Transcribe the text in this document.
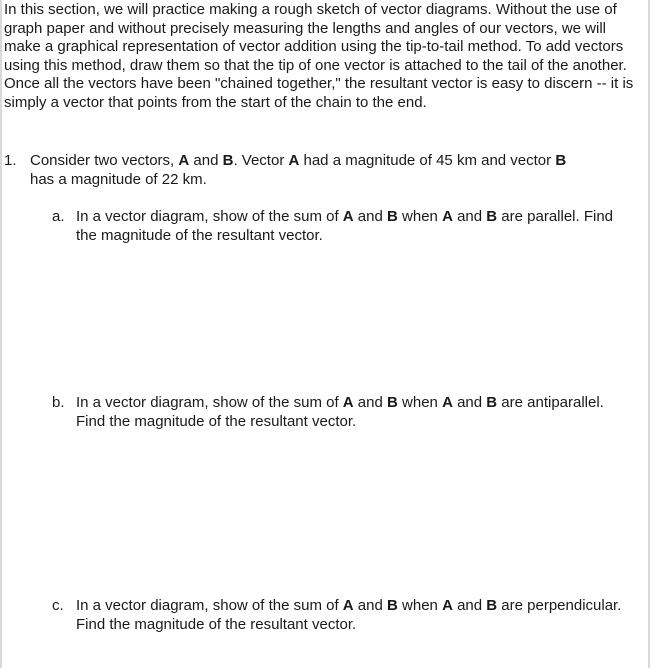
In this section, we will practice making a rough sketch of vector diagrams. Without the use of graph paper and without precisely measuring the lengths and angles of our vectors, we will make a graphical representation of vector addition using the tip-to-tail method. To add vectors using this method, draw them so that the tip of one vector is attached to the tail of the another. Once all the vectors have been "chained together," the resultant vector is easy to discern -- it is simply a vector that points from the start of the chain to the end.

1. Consider two vectors, A and B. Vector A had a magnitude of 45 km and vector B
has a magnitude of 22 km.
a. In a vector diagram, show of the sum of A and B when A and B are parallel. Find the magnitude of the resultant vector.
b. In a vector diagram, show of the sum of A and B when A and B are antiparallel. Find the magnitude of the resultant vector.
c. In a vector diagram, show of the sum of A and B when A and B are perpendicular. Find the magnitude of the resultant vector.
